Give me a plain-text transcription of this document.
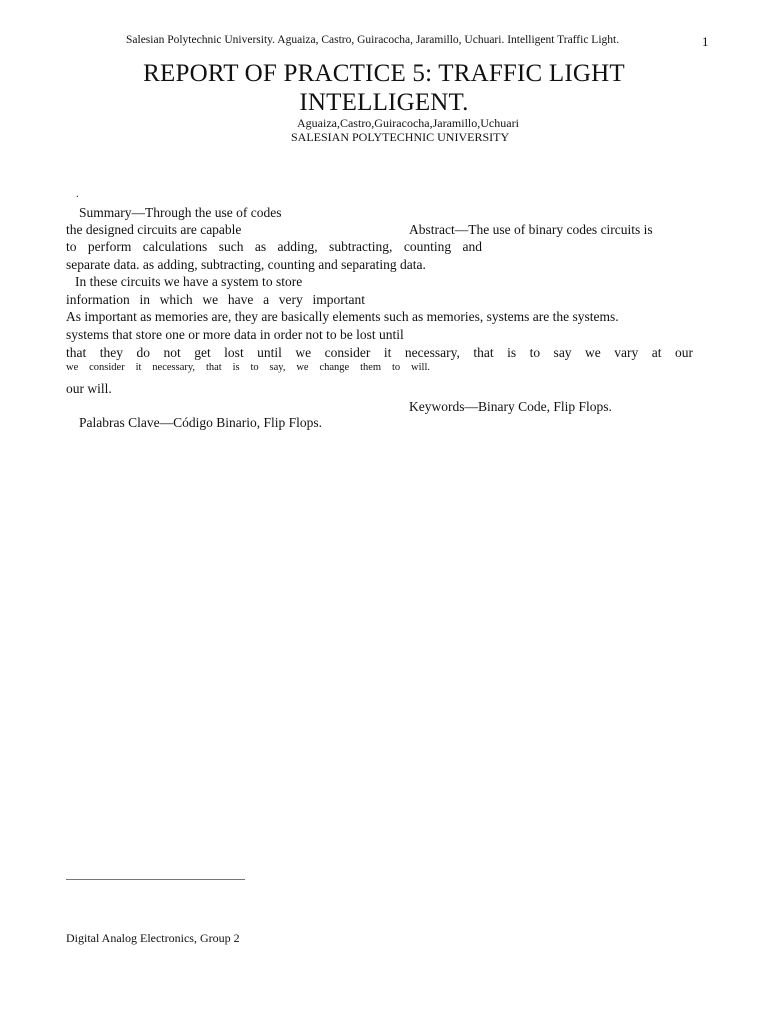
Salesian Polytechnic University. Aguaiza, Castro, Guiracocha, Jaramillo, Uchuari. Intelligent Traffic Light.	1
REPORT OF PRACTICE 5: TRAFFIC LIGHT
INTELLIGENT.
Aguaiza,Castro,Guiracocha,Jaramillo,Uchuari
SALESIAN POLYTECHNIC UNIVERSITY
.
Summary—Through the use of codes
the designed circuits are capable	Abstract—The use of binary codes circuits is
to perform calculations such as adding, subtracting, counting and
separate data. as adding, subtracting, counting and separating data.
In these circuits we have a system to store
information in which we have a very important
As important as memories are, they are basically elements such as memories, systems are the systems.
systems that store one or more data in order not to be lost until
that they do not get lost until we consider it necessary, that is to say we vary at our
we consider it necessary, that is to say, we change them to will.
our will.
Keywords—Binary Code, Flip Flops.
Palabras Clave—Código Binario, Flip Flops.
Digital Analog Electronics, Group 2
